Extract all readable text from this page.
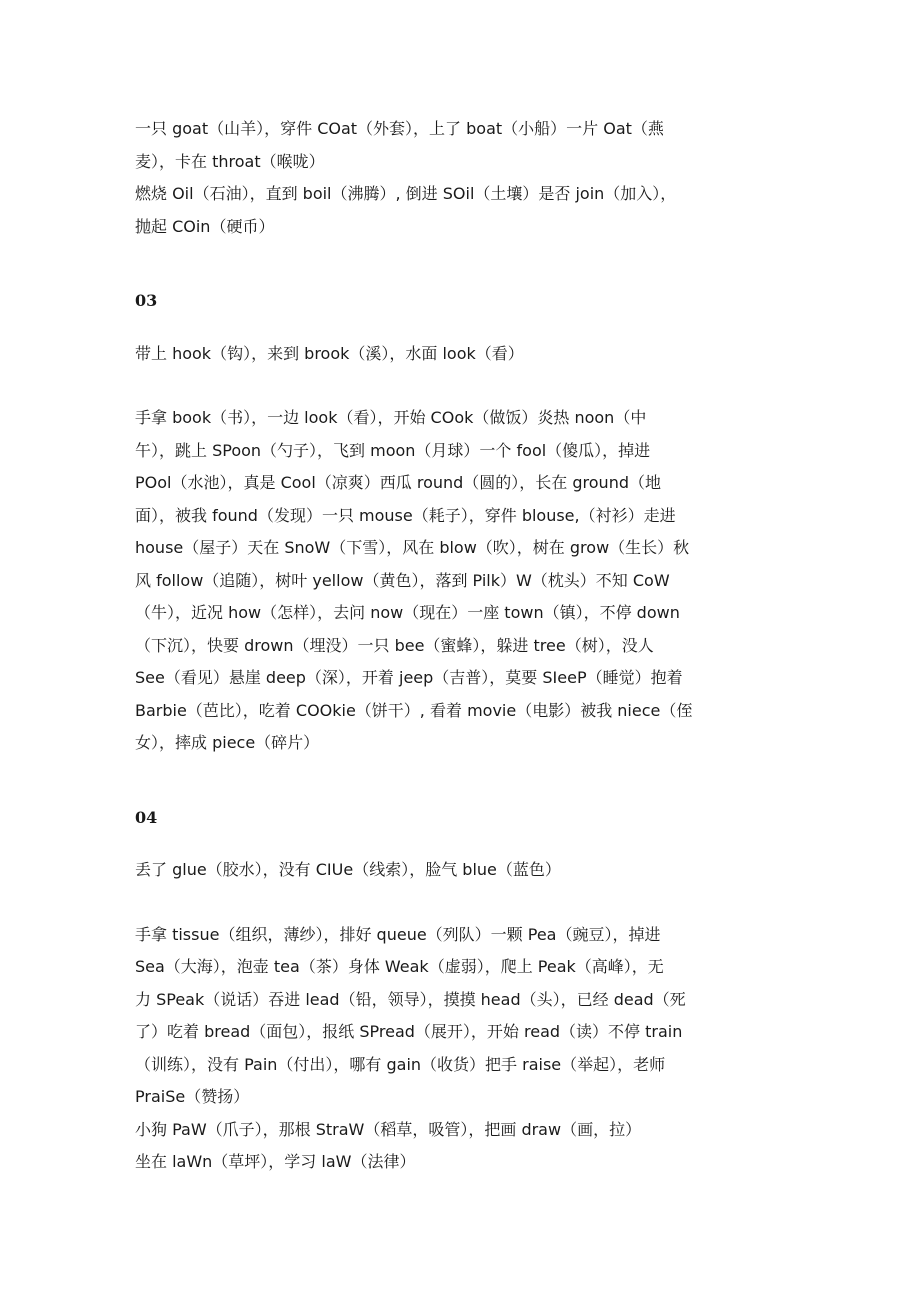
一只 goat（山羊），穿件 COat（外套），上了 boat（小船）一片 Oat（燕
麦），卡在 throat（喉咙）
燃烧 Oil（石油），直到 boil（沸腾）, 倒进 SOil（土壤）是否 join（加入），
抛起 COin（硬币）
03
带上 hook（钩），来到 brook（溪），水面 look（看）
手拿 book（书），一边 look（看），开始 COok（做饭）炎热 noon（中
午），跳上 SPoon（勺子），飞到 moon（月球）一个 fool（傻瓜），掉进
POol（水池），真是 Cool（凉爽）西瓜 round（圆的），长在 ground（地
面），被我 found（发现）一只 mouse（耗子），穿件 blouse,（衬衫）走进
house（屋子）天在 SnoW（下雪），风在 blow（吹），树在 grow（生长）秋
风 follow（追随），树叶 yellow（黄色），落到 Pilk）W（枕头）不知 CoW
（牛），近况 how（怎样），去问 now（现在）一座 town（镇），不停 down
（下沉），快要 drown（埋没）一只 bee（蜜蜂），躲进 tree（树），没人
See（看见）悬崖 deep（深），开着 jeep（吉普），莫要 SIeeP（睡觉）抱着
Barbie（芭比），吃着 COOkie（饼干）, 看着 movie（电影）被我 niece（侄
女），摔成 piece（碎片）
04
丢了 glue（胶水），没有 CIUe（线索），脸气 blue（蓝色）
手拿 tissue（组织，薄纱），排好 queue（列队）一颗 Pea（豌豆），掉进
Sea（大海），泡壶 tea（茶）身体 Weak（虚弱），爬上 Peak（高峰），无
力 SPeak（说话）吞进 lead（铅，领导），摸摸 head（头），已经 dead（死
了）吃着 bread（面包），报纸 SPread（展开），开始 read（读）不停 train
（训练），没有 Pain（付出），哪有 gain（收货）把手 raise（举起），老师
PraiSe（赞扬）
小狗 PaW（爪子），那根 StraW（稻草，吸管），把画 draw（画，拉）
坐在 laWn（草坪），学习 laW（法律）
